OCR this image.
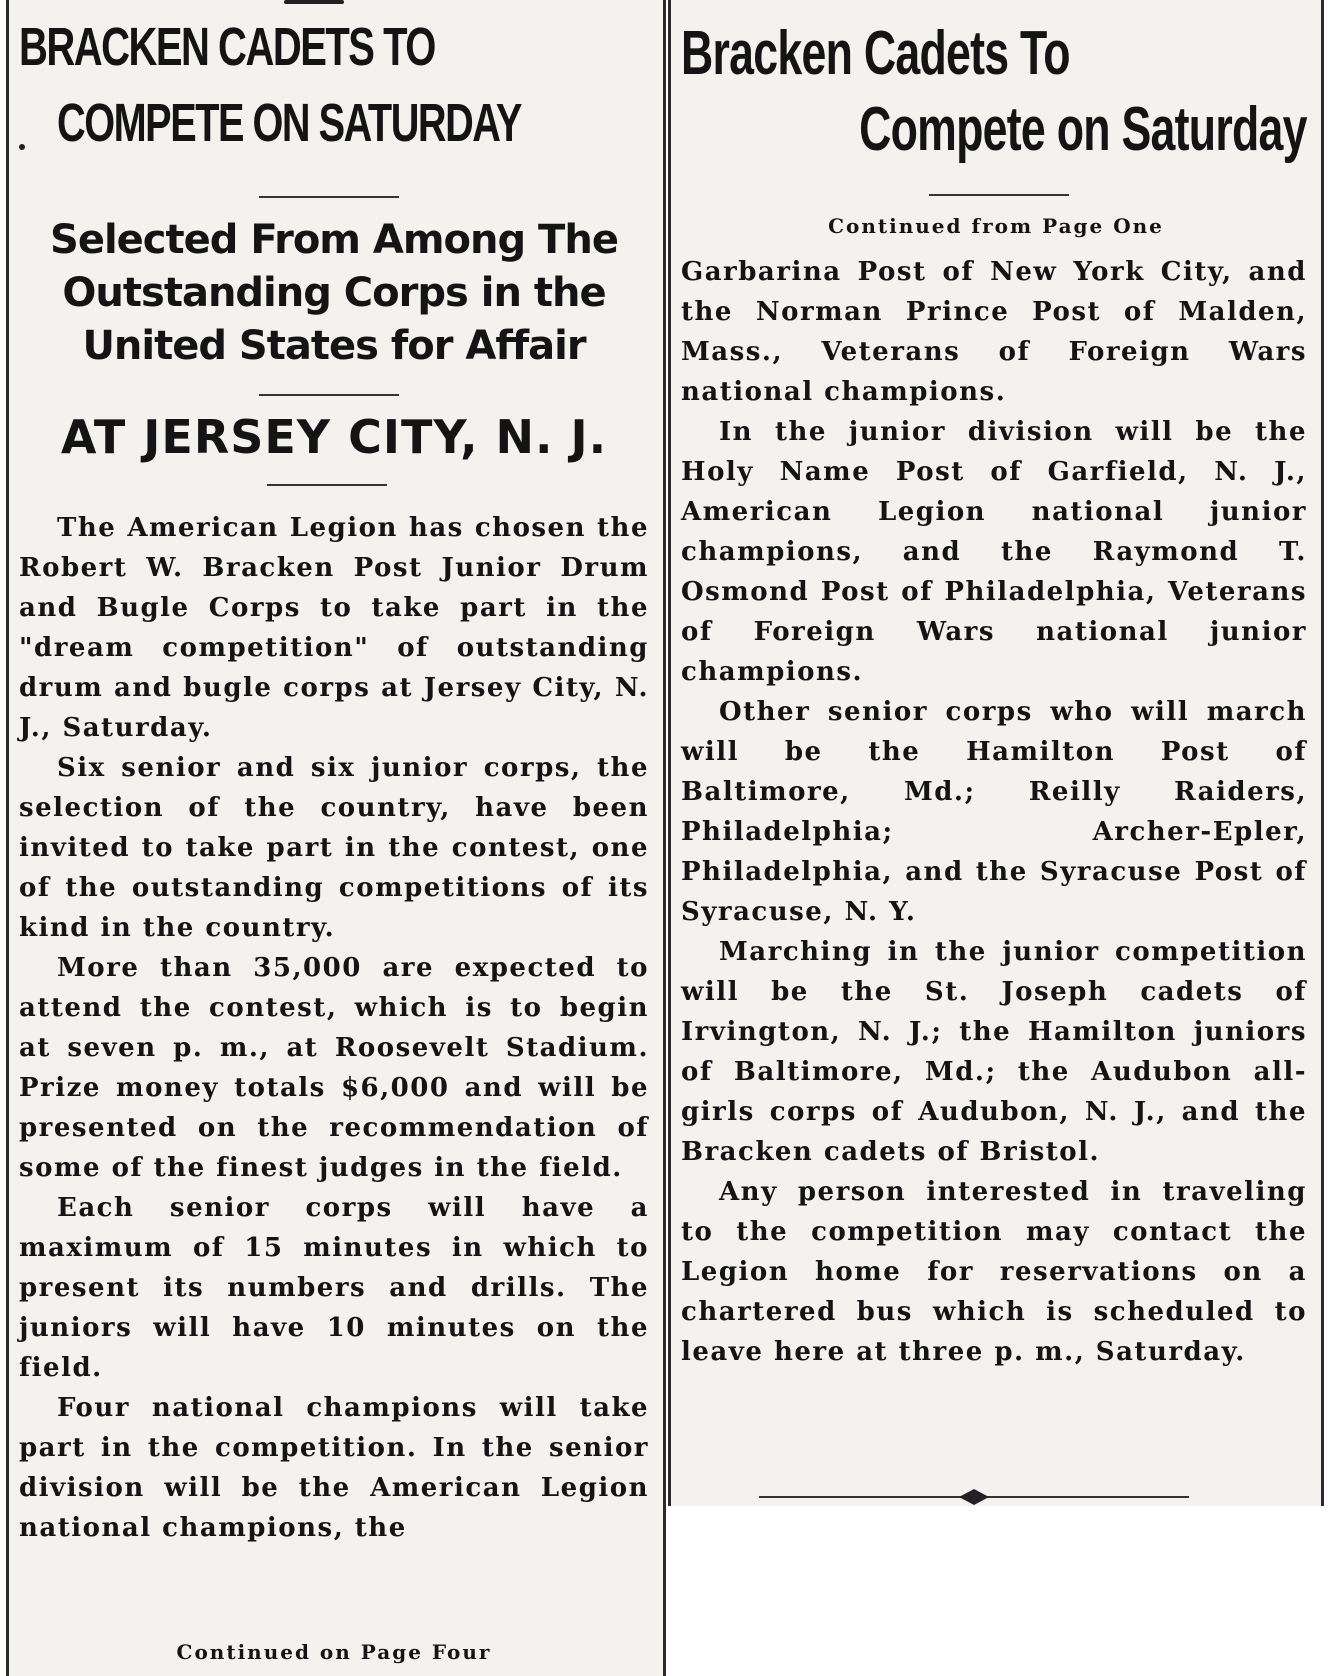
BRACKEN CADETS TO
COMPETE ON SATURDAY

Selected From Among The

Outstanding Corps in the

United States for Affair

AT JERSEY CITY, N. J.

The American Legion has chosen the Robert W. Bracken Post Junior Drum and Bugle Corps to take part in the "dream competition" of outstanding drum and bugle corps at Jersey City, N. J., Saturday.

Six senior and six junior corps, the selection of the country, have been invited to take part in the contest, one of the outstanding competitions of its kind in the country.

More than 35,000 are expected to attend the contest, which is to begin at seven p. m., at Roosevelt Stadium. Prize money totals $6,000 and will be presented on the recommendation of some of the finest judges in the field.

Each senior corps will have a maximum of 15 minutes in which to present its numbers and drills. The juniors will have 10 minutes on the field.

Four national champions will take part in the competition. In the senior division will be the American Legion national champions, the

Continued on Page Four

Bracken Cadets To
Compete on Saturday

Continued from Page One

Garbarina Post of New York City, and the Norman Prince Post of Malden, Mass., Veterans of Foreign Wars national champions.

In the junior division will be the Holy Name Post of Garfield, N. J., American Legion national junior champions, and the Raymond T. Osmond Post of Philadelphia, Veterans of Foreign Wars national junior champions.

Other senior corps who will march will be the Hamilton Post of Baltimore, Md.; Reilly Raiders, Philadelphia; Archer-Epler, Philadelphia, and the Syracuse Post of Syracuse, N. Y.

Marching in the junior competition will be the St. Joseph cadets of Irvington, N. J.; the Hamilton juniors of Baltimore, Md.; the Audubon all-girls corps of Audubon, N. J., and the Bracken cadets of Bristol.

Any person interested in traveling to the competition may contact the Legion home for reservations on a chartered bus which is scheduled to leave here at three p. m., Saturday.
